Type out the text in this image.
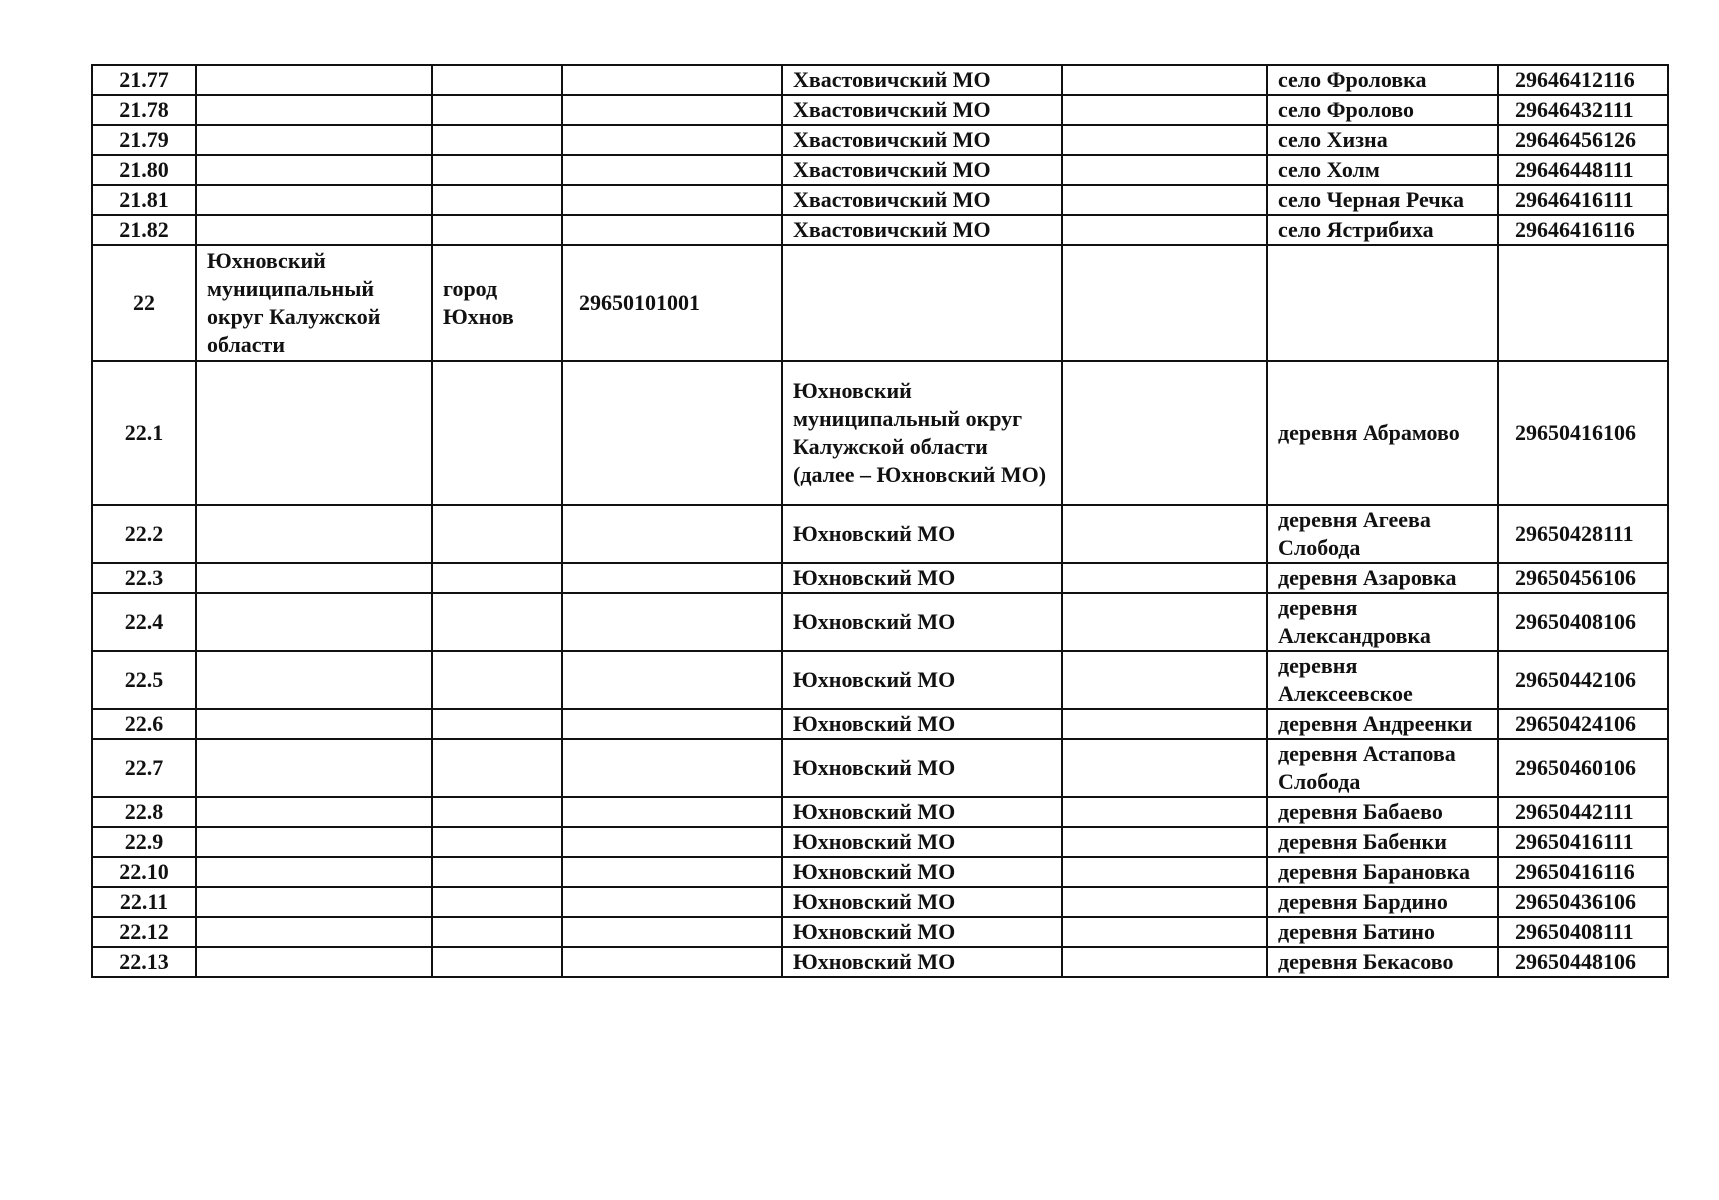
21.77				Хвастовичский МО		село Фроловка	29646412116
21.78				Хвастовичский МО		село Фролово	29646432111
21.79				Хвастовичский МО		село Хизна	29646456126
21.80				Хвастовичский МО		село Холм	29646448111
21.81				Хвастовичский МО		село Черная Речка	29646416111
21.82				Хвастовичский МО		село Ястрибиха	29646416116
22	Юхновский муниципальный округ Калужской области	город Юхнов	29650101001				
22.1				Юхновский муниципальный округ Калужской области (далее – Юхновский МО)		деревня Абрамово	29650416106
22.2				Юхновский МО		деревня Агеева Слобода	29650428111
22.3				Юхновский МО		деревня Азаровка	29650456106
22.4				Юхновский МО		деревня Александровка	29650408106
22.5				Юхновский МО		деревня Алексеевское	29650442106
22.6				Юхновский МО		деревня Андреенки	29650424106
22.7				Юхновский МО		деревня Астапова Слобода	29650460106
22.8				Юхновский МО		деревня Бабаево	29650442111
22.9				Юхновский МО		деревня Бабенки	29650416111
22.10				Юхновский МО		деревня Барановка	29650416116
22.11				Юхновский МО		деревня Бардино	29650436106
22.12				Юхновский МО		деревня Батино	29650408111
22.13				Юхновский МО		деревня Бекасово	29650448106
